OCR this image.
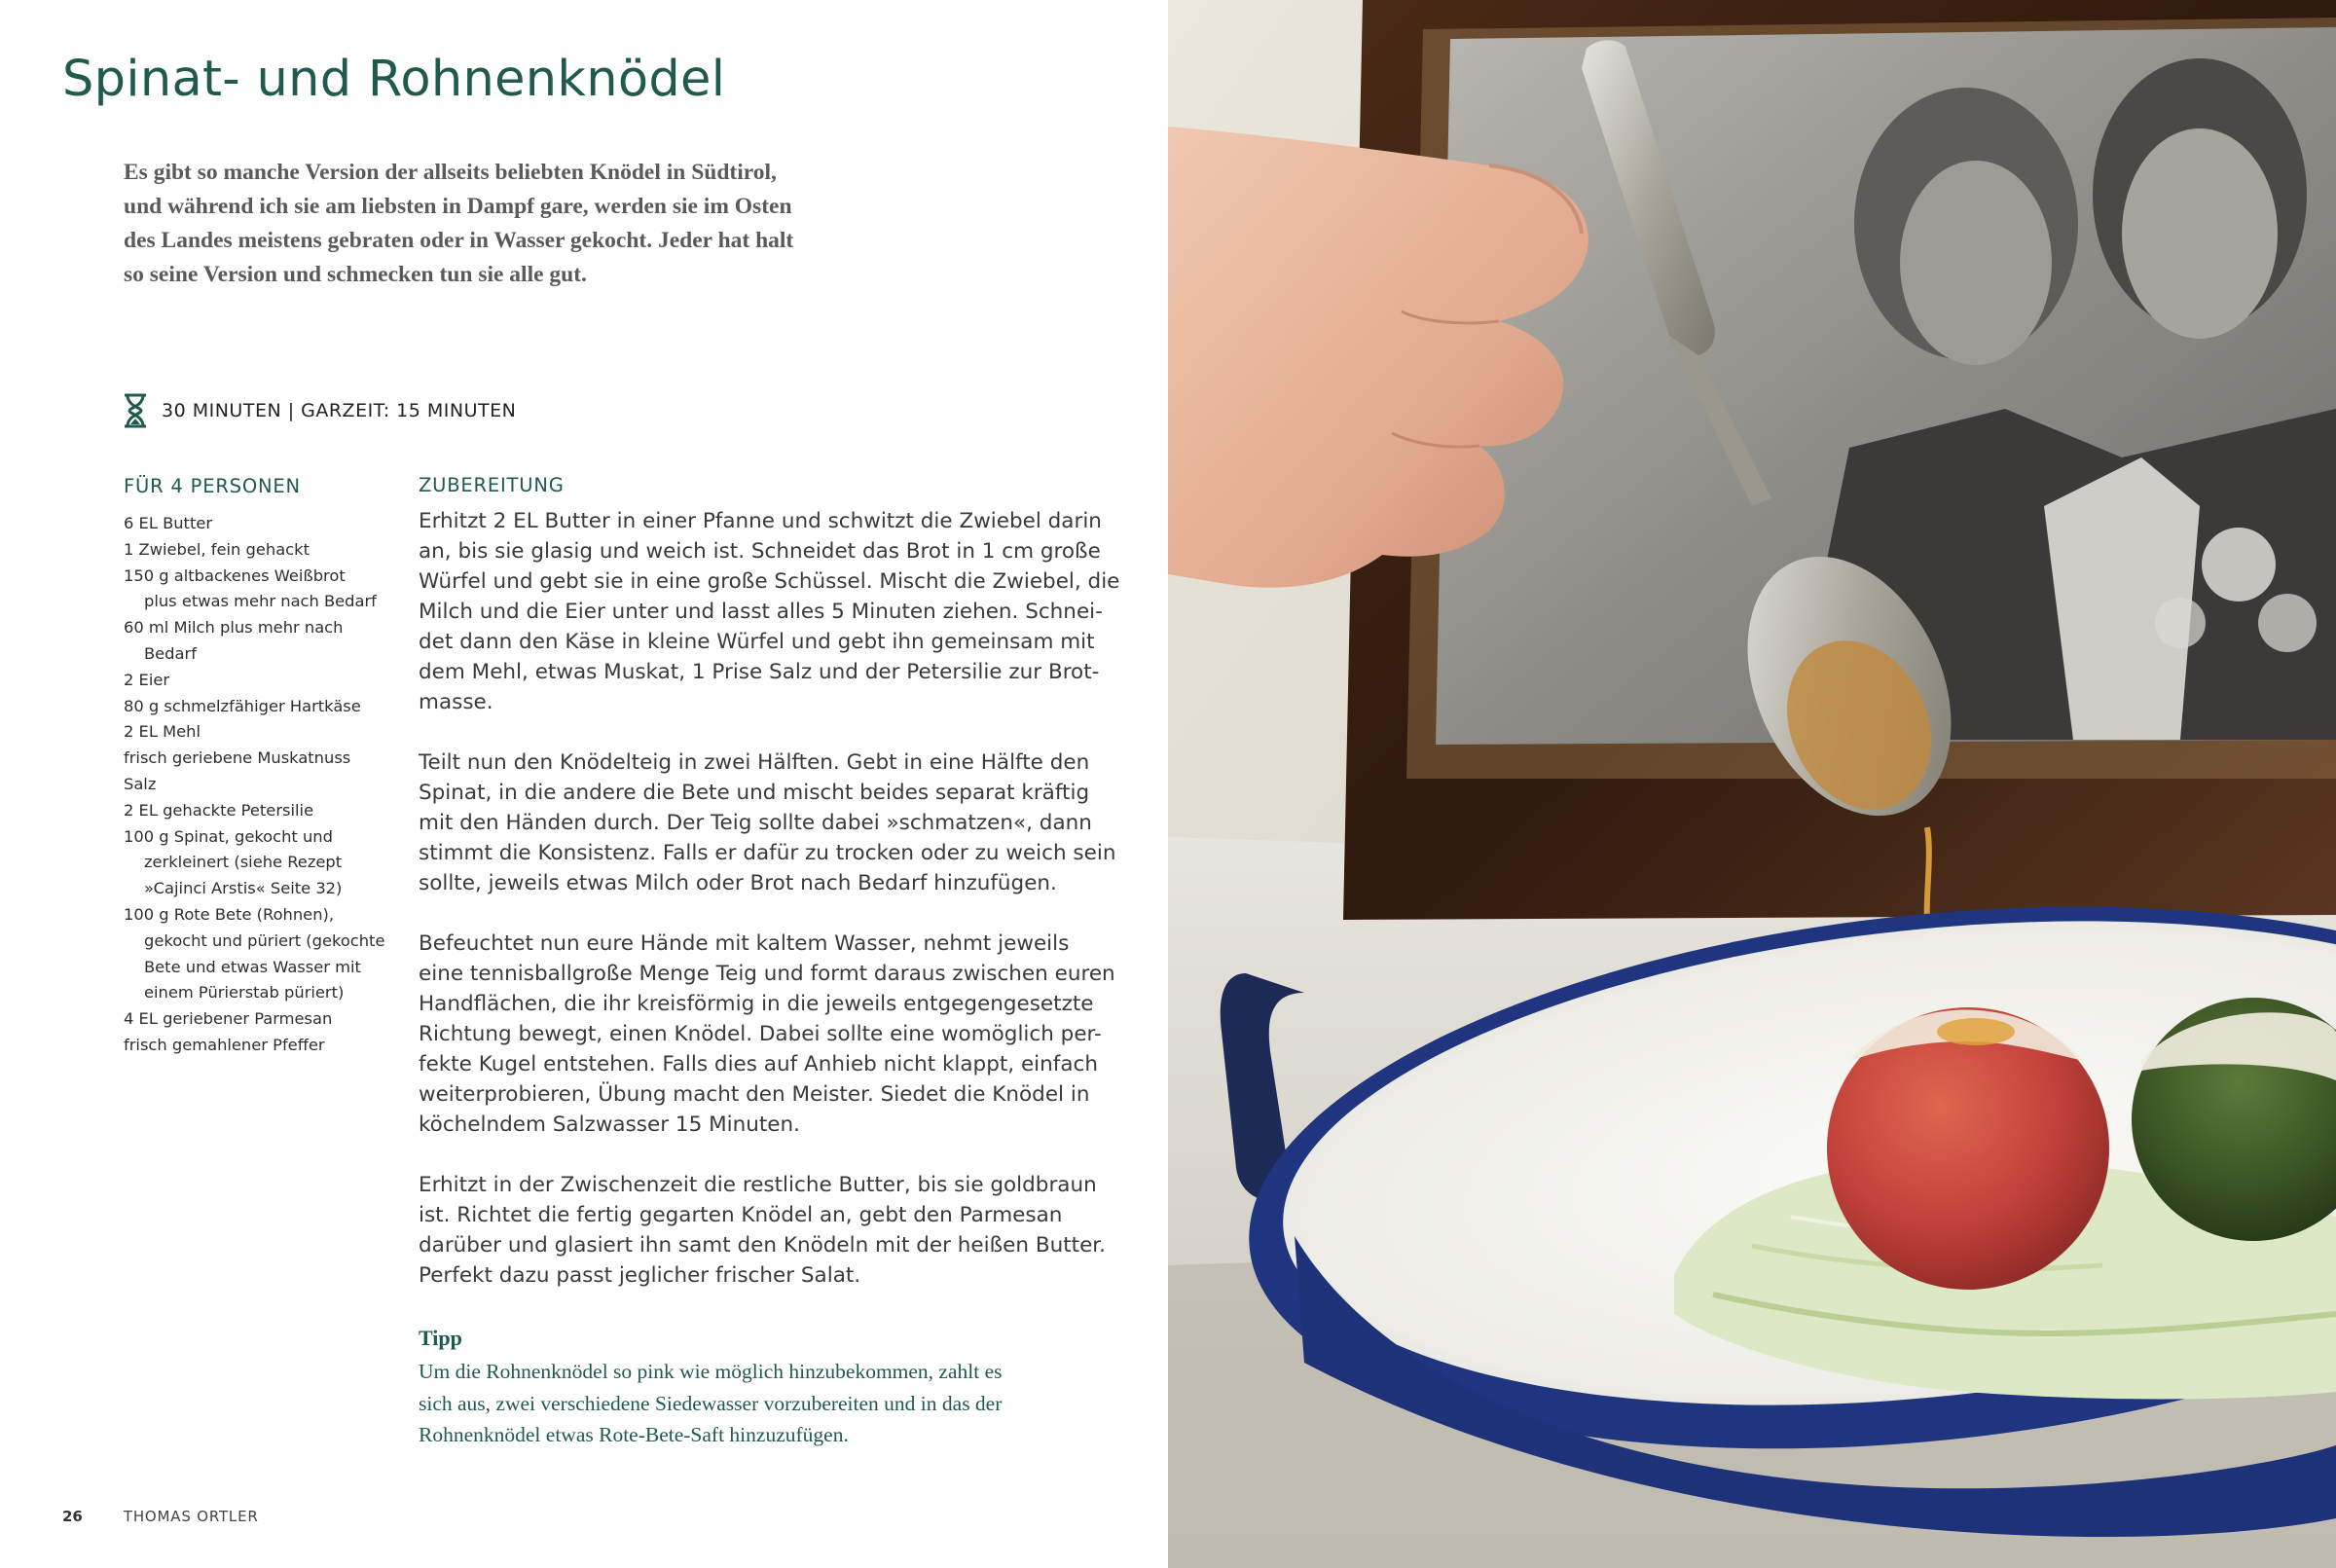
Spinat- und Rohnenknödel
Es gibt so manche Version der allseits beliebten Knödel in Südtirol,
und während ich sie am liebsten in Dampf gare, werden sie im Osten
des Landes meistens gebraten oder in Wasser gekocht. Jeder hat halt
so seine Version und schmecken tun sie alle gut.
30 MINUTEN | GARZEIT: 15 MINUTEN
FÜR 4 PERSONEN
6 EL Butter
1 Zwiebel, fein gehackt
150 g altbackenes Weißbrot
plus etwas mehr nach Bedarf
60 ml Milch plus mehr nach
Bedarf
2 Eier
80 g schmelzfähiger Hartkäse
2 EL Mehl
frisch geriebene Muskatnuss
Salz
2 EL gehackte Petersilie
100 g Spinat, gekocht und
zerkleinert (siehe Rezept
»Cajinci Arstis« Seite 32)
100 g Rote Bete (Rohnen),
gekocht und püriert (gekochte
Bete und etwas Wasser mit
einem Pürierstab püriert)
4 EL geriebener Parmesan
frisch gemahlener Pfeffer
ZUBEREITUNG

Erhitzt 2 EL Butter in einer Pfanne und schwitzt die Zwiebel darin
an, bis sie glasig und weich ist. Schneidet das Brot in 1 cm große
Würfel und gebt sie in eine große Schüssel. Mischt die Zwiebel, die
Milch und die Eier unter und lasst alles 5 Minuten ziehen. Schnei-
det dann den Käse in kleine Würfel und gebt ihn gemeinsam mit
dem Mehl, etwas Muskat, 1 Prise Salz und der Petersilie zur Brot-
masse.

Teilt nun den Knödelteig in zwei Hälften. Gebt in eine Hälfte den
Spinat, in die andere die Bete und mischt beides separat kräftig
mit den Händen durch. Der Teig sollte dabei »schmatzen«, dann
stimmt die Konsistenz. Falls er dafür zu trocken oder zu weich sein
sollte, jeweils etwas Milch oder Brot nach Bedarf hinzufügen.

Befeuchtet nun eure Hände mit kaltem Wasser, nehmt jeweils
eine tennisballgroße Menge Teig und formt daraus zwischen euren
Handflächen, die ihr kreisförmig in die jeweils entgegengesetzte
Richtung bewegt, einen Knödel. Dabei sollte eine womöglich per-
fekte Kugel entstehen. Falls dies auf Anhieb nicht klappt, einfach
weiterprobieren, Übung macht den Meister. Siedet die Knödel in
köchelndem Salzwasser 15 Minuten.

Erhitzt in der Zwischenzeit die restliche Butter, bis sie goldbraun
ist. Richtet die fertig gegarten Knödel an, gebt den Parmesan
darüber und glasiert ihn samt den Knödeln mit der heißen Butter.
Perfekt dazu passt jeglicher frischer Salat.

Tipp
Um die Rohnenknödel so pink wie möglich hinzubekommen, zahlt es
sich aus, zwei verschiedene Siedewasser vorzubereiten und in das der
Rohnenknödel etwas Rote-Bete-Saft hinzuzufügen.
26	THOMAS ORTLER
